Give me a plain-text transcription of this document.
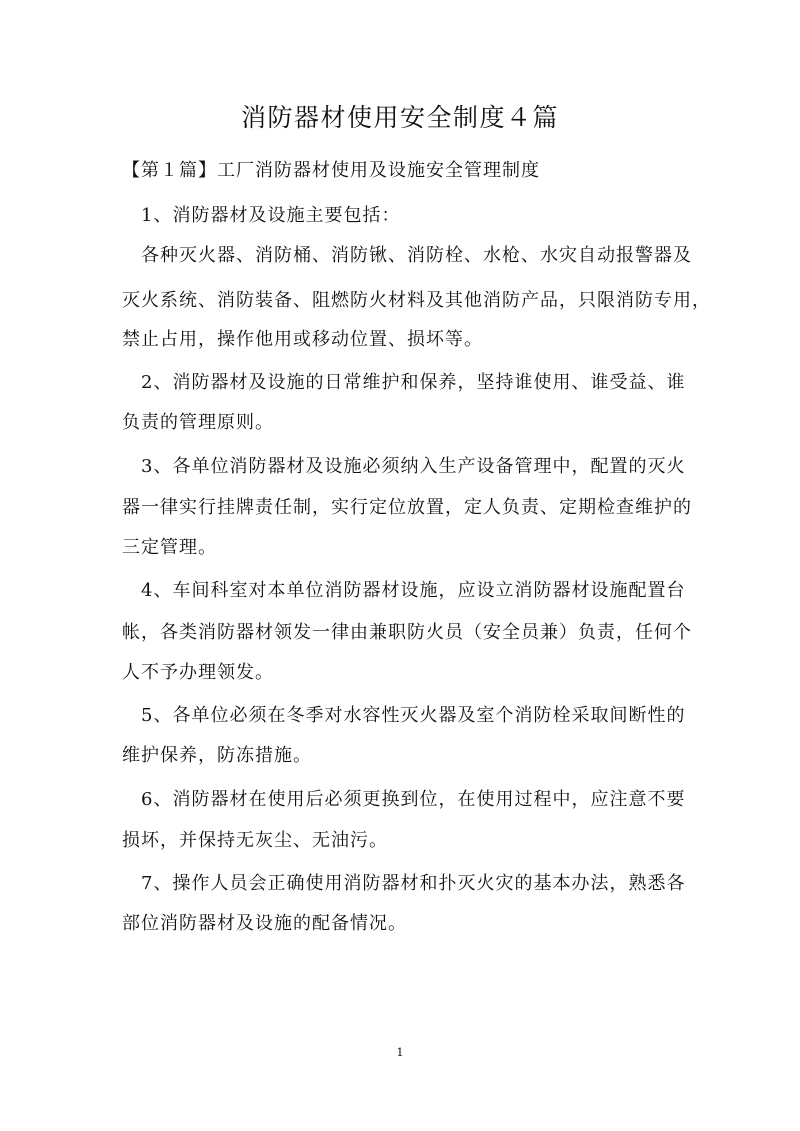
消防器材使用安全制度４篇
【第１篇】工厂消防器材使用及设施安全管理制度
1、消防器材及设施主要包括：
各种灭火器、消防桶、消防锹、消防栓、水枪、水灾自动报警器及
灭火系统、消防装备、阻燃防火材料及其他消防产品，只限消防专用，
禁止占用，操作他用或移动位置、损坏等。
2、消防器材及设施的日常维护和保养，坚持谁使用、谁受益、谁
负责的管理原则。
3、各单位消防器材及设施必须纳入生产设备管理中，配置的灭火
器一律实行挂牌责任制，实行定位放置，定人负责、定期检查维护的
三定管理。
4、车间科室对本单位消防器材设施，应设立消防器材设施配置台
帐，各类消防器材领发一律由兼职防火员（安全员兼）负责，任何个
人不予办理领发。
5、各单位必须在冬季对水容性灭火器及室个消防栓采取间断性的
维护保养，防冻措施。
6、消防器材在使用后必须更换到位，在使用过程中，应注意不要
损坏，并保持无灰尘、无油污。
7、操作人员会正确使用消防器材和扑灭火灾的基本办法，熟悉各
部位消防器材及设施的配备情况。
1
